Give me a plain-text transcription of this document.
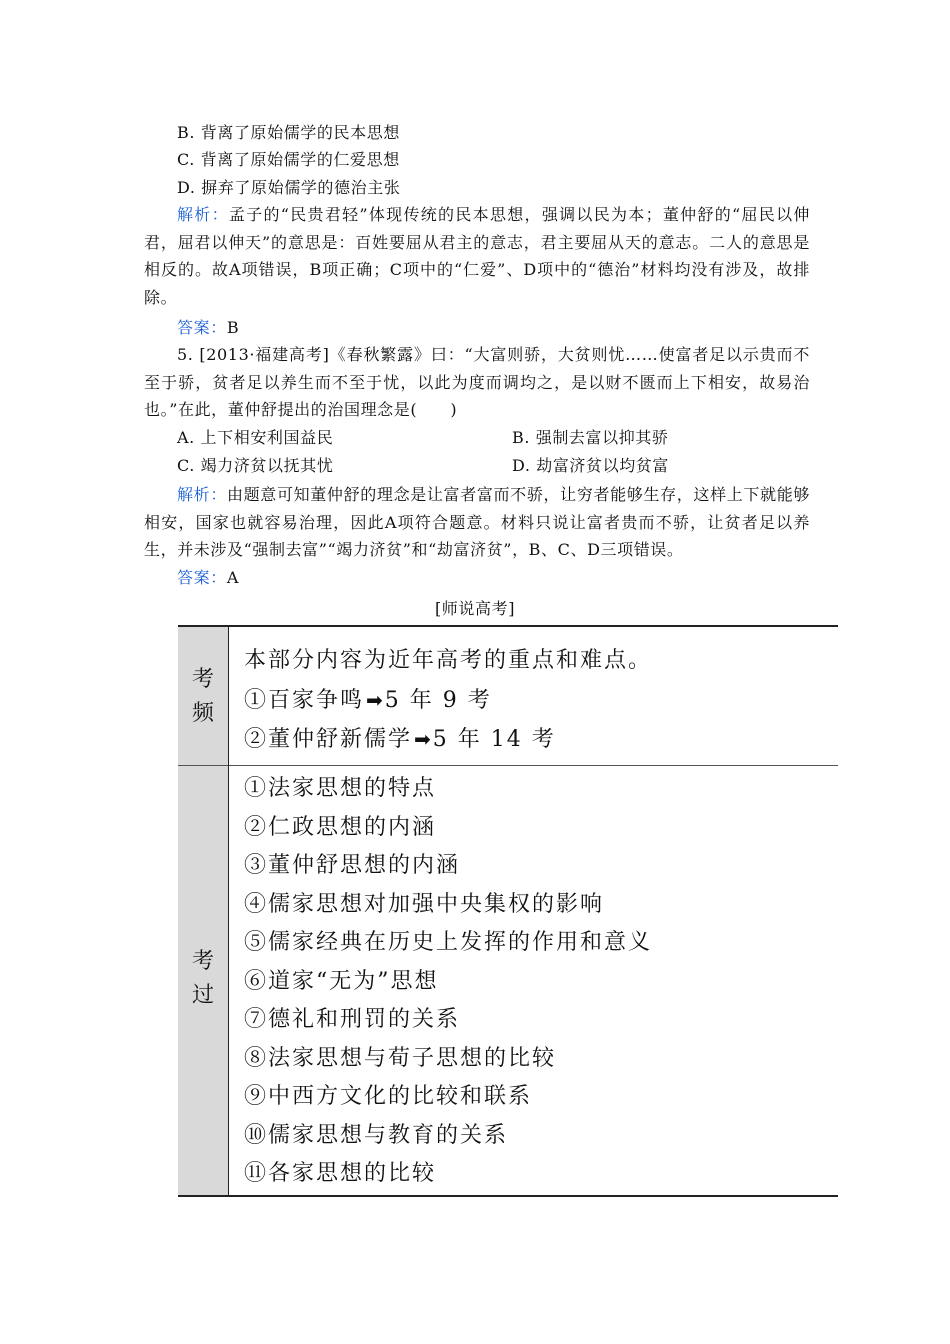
B. 背离了原始儒学的民本思想
C. 背离了原始儒学的仁爱思想
D. 摒弃了原始儒学的德治主张
解析：孟子的“民贵君轻”体现传统的民本思想，强调以民为本；董仲舒的“屈民以伸君，屈君以伸天”的意思是：百姓要屈从君主的意志，君主要屈从天的意志。二人的意思是相反的。故A项错误，B项正确；C项中的“仁爱”、D项中的“德治”材料均没有涉及，故排除。
答案：B
5. [2013·福建高考]《春秋繁露》曰：“大富则骄，大贫则忧……使富者足以示贵而不至于骄，贫者足以养生而不至于忧，以此为度而调均之，是以财不匮而上下相安，故易治也。”在此，董仲舒提出的治国理念是(　　)
A. 上下相安利国益民	B. 强制去富以抑其骄
C. 竭力济贫以抚其忧	D. 劫富济贫以均贫富
解析：由题意可知董仲舒的理念是让富者富而不骄，让穷者能够生存，这样上下就能够相安，国家也就容易治理，因此A项符合题意。材料只说让富者贵而不骄，让贫者足以养生，并未涉及“强制去富”“竭力济贫”和“劫富济贫”，B、C、D三项错误。
答案：A
[师说高考]
考
频
考
过
本部分内容为近年高考的重点和难点。
①百家争鸣 ➡5 年 9 考
②董仲舒新儒学 ➡5 年 14 考
①法家思想的特点
②仁政思想的内涵
③董仲舒思想的内涵
④儒家思想对加强中央集权的影响
⑤儒家经典在历史上发挥的作用和意义
⑥道家“无为”思想
⑦德礼和刑罚的关系
⑧法家思想与荀子思想的比较
⑨中西方文化的比较和联系
⑩儒家思想与教育的关系
⑪各家思想的比较
